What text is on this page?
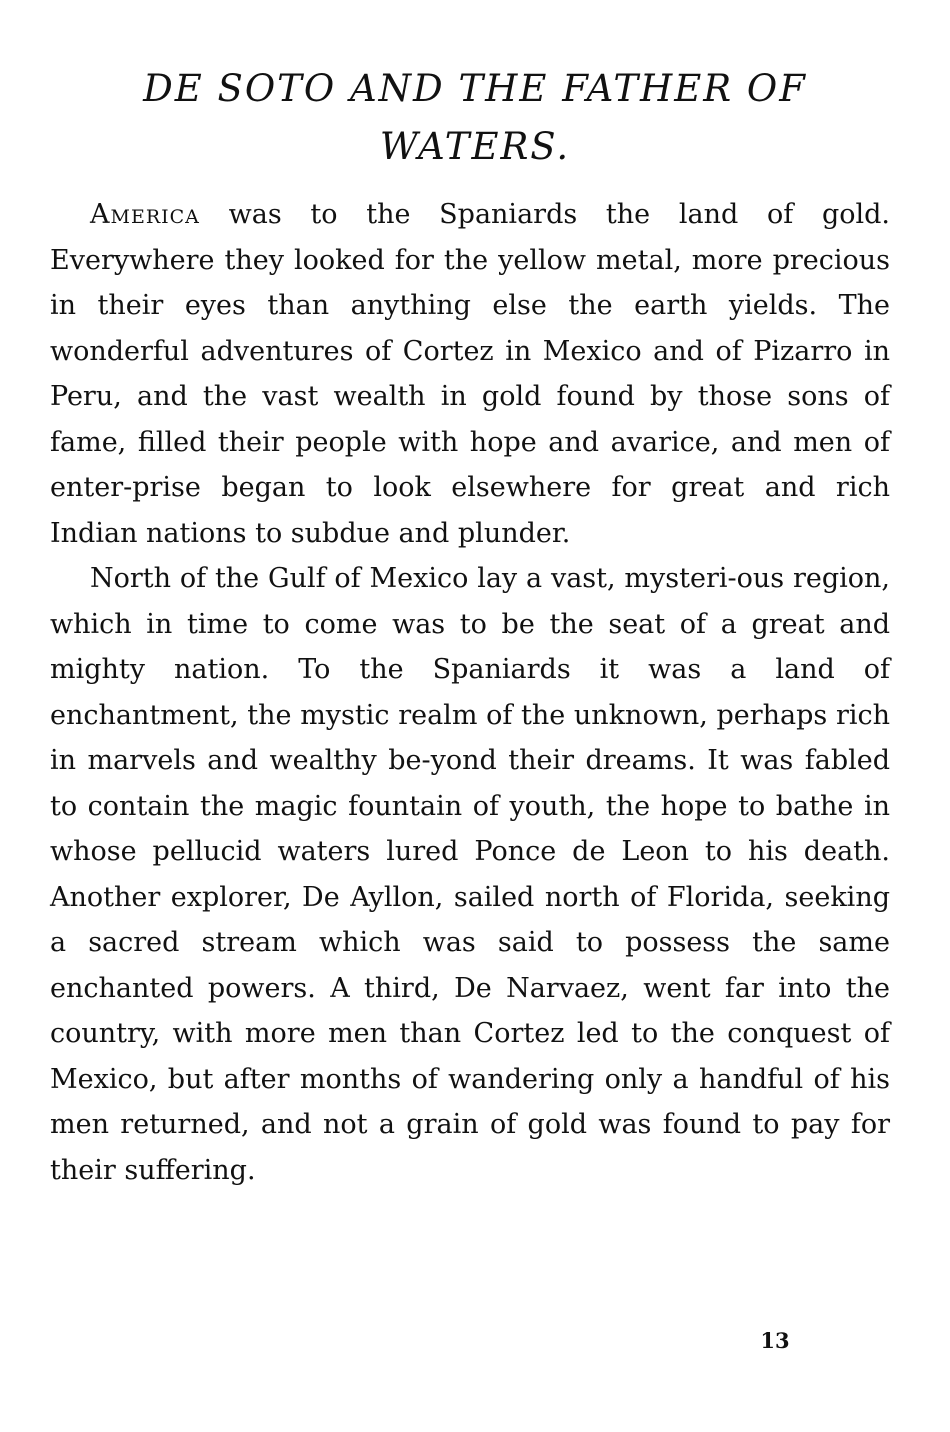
DE SOTO AND THE FATHER OF
WATERS.

America was to the Spaniards the land of gold. Everywhere they looked for the yellow metal, more precious in their eyes than anything else the earth yields. The wonderful adventures of Cortez in Mexico and of Pizarro in Peru, and the vast wealth in gold found by those sons of fame, filled their people with hope and avarice, and men of enter-prise began to look elsewhere for great and rich Indian nations to subdue and plunder.

North of the Gulf of Mexico lay a vast, mysteri-ous region, which in time to come was to be the seat of a great and mighty nation. To the Spaniards it was a land of enchantment, the mystic realm of the unknown, perhaps rich in marvels and wealthy be-yond their dreams. It was fabled to contain the magic fountain of youth, the hope to bathe in whose pellucid waters lured Ponce de Leon to his death. Another explorer, De Ayllon, sailed north of Florida, seeking a sacred stream which was said to possess the same enchanted powers. A third, De Narvaez, went far into the country, with more men than Cortez led to the conquest of Mexico, but after months of wandering only a handful of his men returned, and not a grain of gold was found to pay for their suffering.

13
